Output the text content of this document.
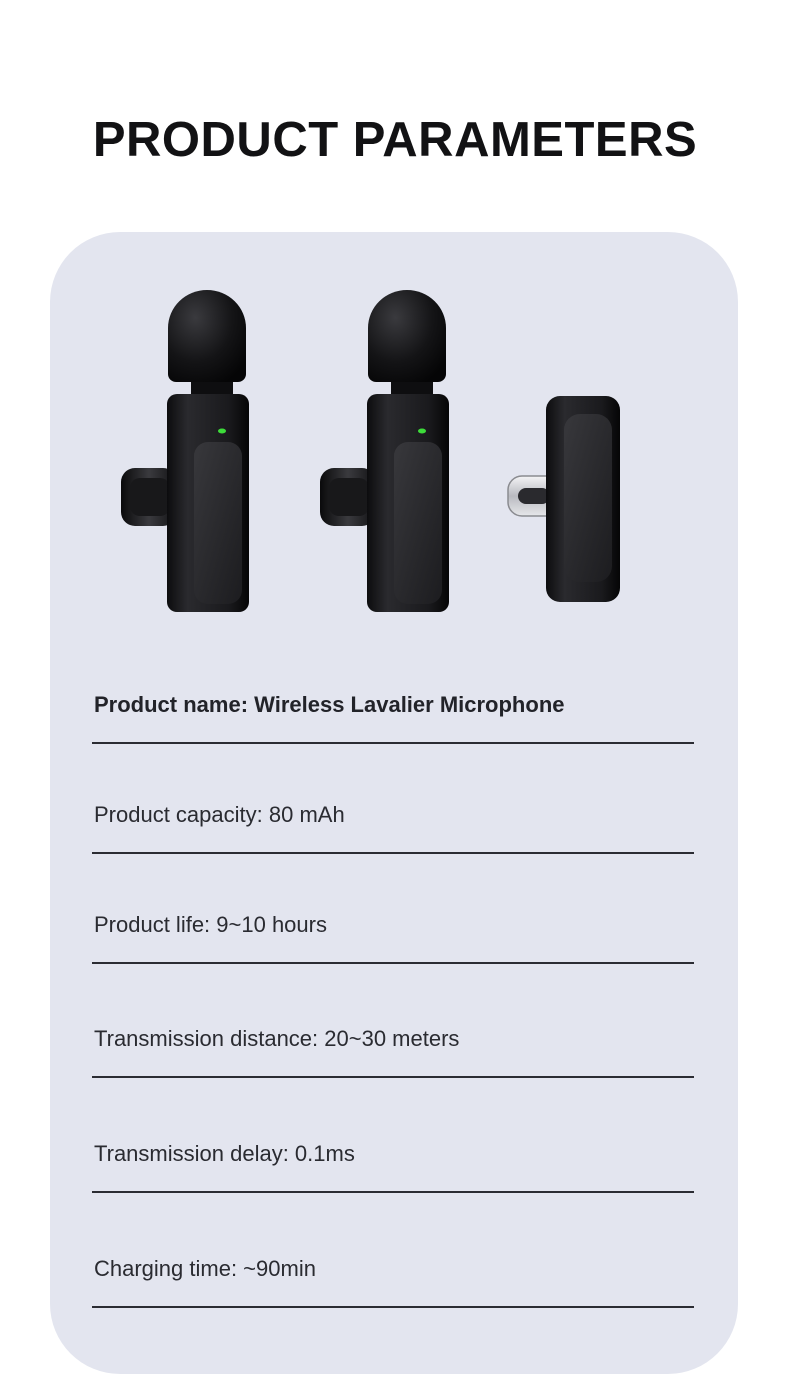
PRODUCT PARAMETERS
Product name: Wireless Lavalier Microphone
Product capacity: 80 mAh
Product life: 9~10 hours
Transmission distance: 20~30 meters
Transmission delay: 0.1ms
Charging time: ~90min
